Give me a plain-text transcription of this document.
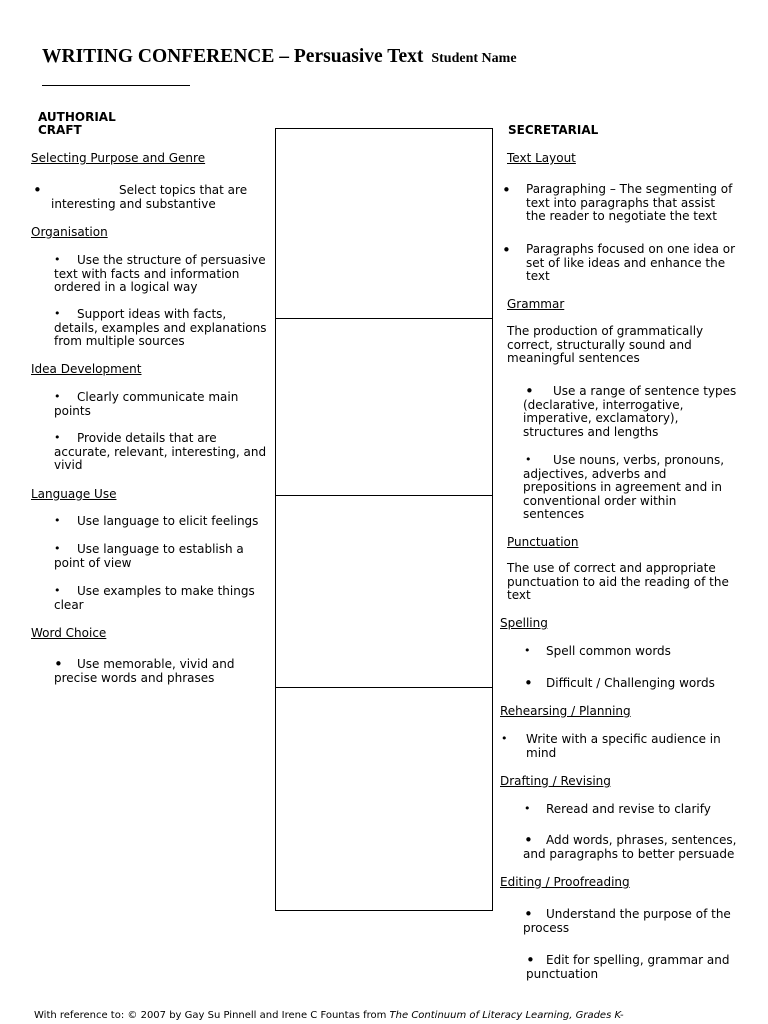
WRITING CONFERENCE – Persuasive Text Student Name
AUTHORIAL
CRAFT
Selecting Purpose and Genre
•	Select topics that are
interesting and substantive
Organisation
•	Use the structure of persuasive
text with facts and information
ordered in a logical way
•	Support ideas with facts,
details, examples and explanations
from multiple sources
Idea Development
•	Clearly communicate main
points
•	Provide details that are
accurate, relevant, interesting, and
vivid
Language Use
•	Use language to elicit feelings
•	Use language to establish a
point of view
•	Use examples to make things
clear
Word Choice
•	Use memorable, vivid and
precise words and phrases
SECRETARIAL
Text Layout
• Paragraphing – The segmenting of
text into paragraphs that assist
the reader to negotiate the text
• Paragraphs focused on one idea or
set of like ideas and enhance the
text
Grammar
The production of grammatically
correct, structurally sound and
meaningful sentences
•	Use a range of sentence types
(declarative, interrogative,
imperative, exclamatory),
structures and lengths
•	Use nouns, verbs, pronouns,
adjectives, adverbs and
prepositions in agreement and in
conventional order within
sentences
Punctuation
The use of correct and appropriate
punctuation to aid the reading of the
text
Spelling
• Spell common words
• Difficult / Challenging words
Rehearsing / Planning
• Write with a specific audience in
mind
Drafting / Revising
• Reread and revise to clarify
•	Add words, phrases, sentences,
and paragraphs to better persuade
Editing / Proofreading
•	Understand the purpose of the
process
• Edit for spelling, grammar and
punctuation
With reference to: © 2007 by Gay Su Pinnell and Irene C Fountas from The Continuum of Literacy Learning, Grades K-
